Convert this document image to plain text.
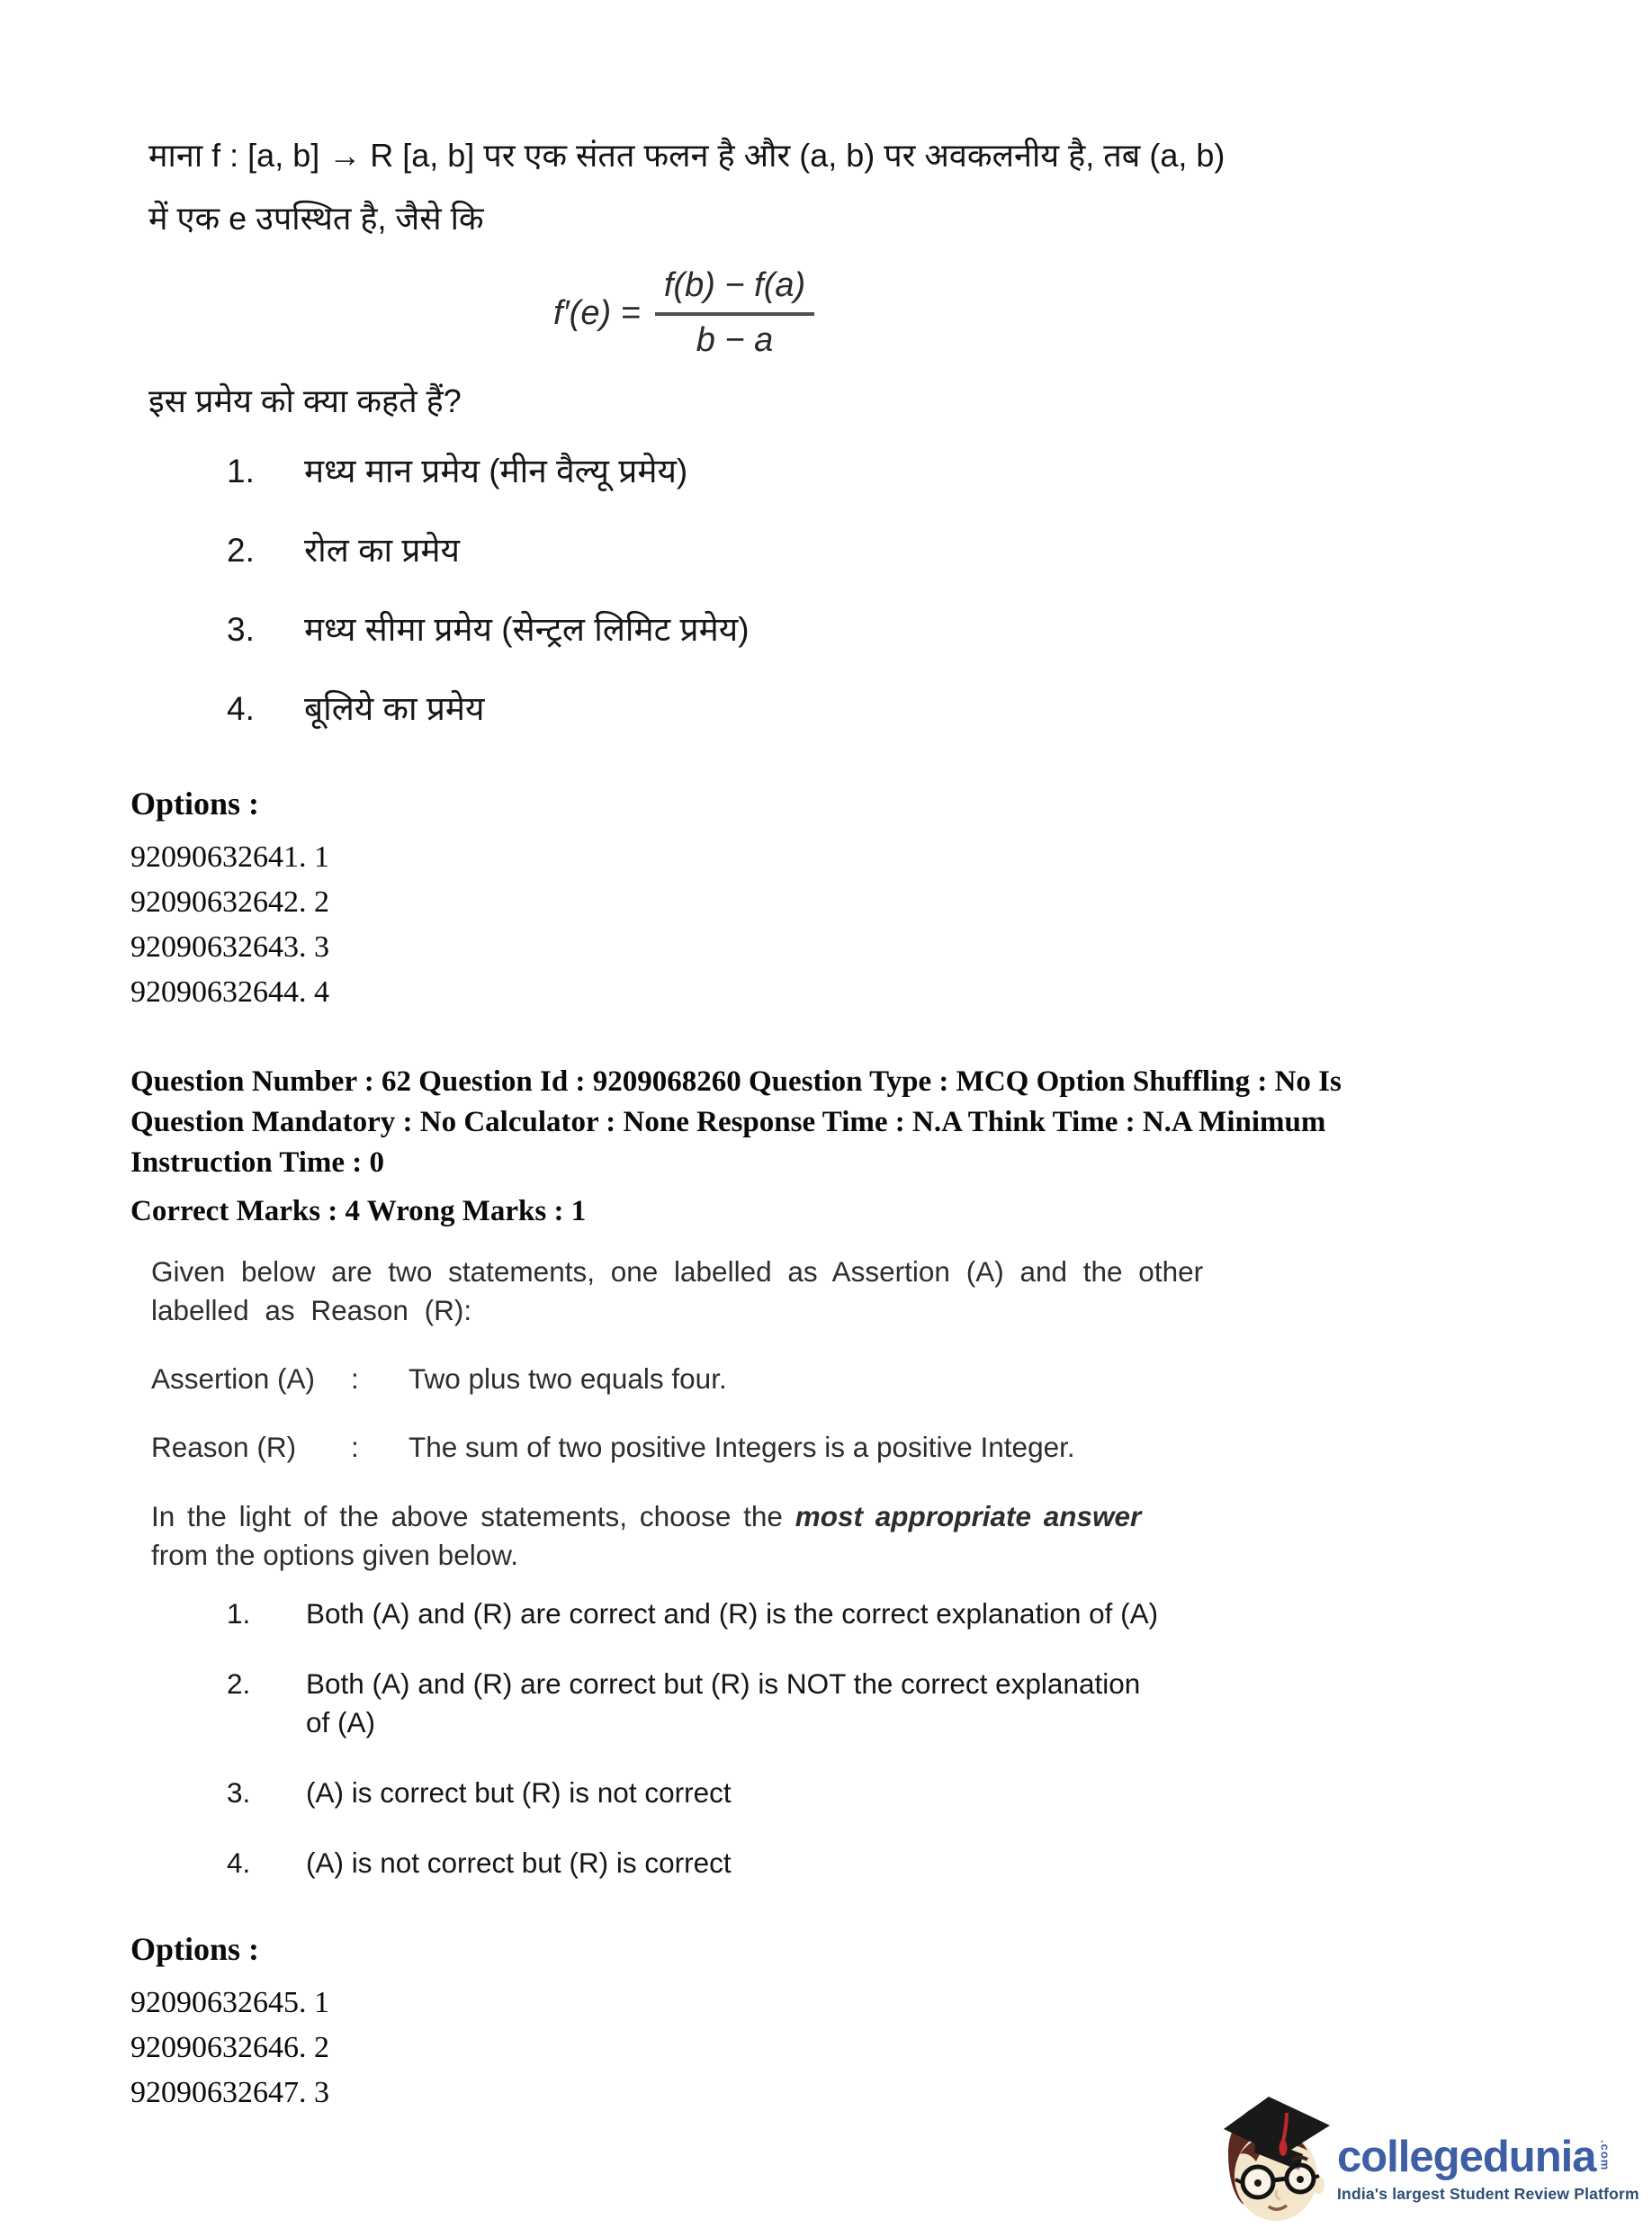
माना f : [a, b] → R [a, b] पर एक संतत फलन है और (a, b) पर अवकलनीय है, तब (a, b)
में एक e उपस्थित है, जैसे कि
$f'(e) = \frac{f(b) - f(a)}{b - a}$
इस प्रमेय को क्या कहते हैं?
1.	मध्य मान प्रमेय (मीन वैल्यू प्रमेय)
2.	रोल का प्रमेय
3.	मध्य सीमा प्रमेय (सेन्ट्रल लिमिट प्रमेय)
4.	बूलिये का प्रमेय
Options :
92090632641. 1
92090632642. 2
92090632643. 3
92090632644. 4
Question Number : 62 Question Id : 9209068260 Question Type : MCQ Option Shuffling : No Is
Question Mandatory : No Calculator : None Response Time : N.A Think Time : N.A Minimum
Instruction Time : 0
Correct Marks : 4 Wrong Marks : 1
Given below are two statements, one labelled as Assertion (A) and the other
labelled as Reason (R):
Assertion (A)	:	Two plus two equals four.
Reason (R)	:	The sum of two positive Integers is a positive Integer.
In the light of the above statements, choose the most appropriate answer
from the options given below.
1.	Both (A) and (R) are correct and (R) is the correct explanation of (A)
2.	Both (A) and (R) are correct but (R) is NOT the correct explanation
of (A)
3.	(A) is correct but (R) is not correct
4.	(A) is not correct but (R) is correct
Options :
92090632645. 1
92090632646. 2
92090632647. 3
collegedunia .com
India's largest Student Review Platform
